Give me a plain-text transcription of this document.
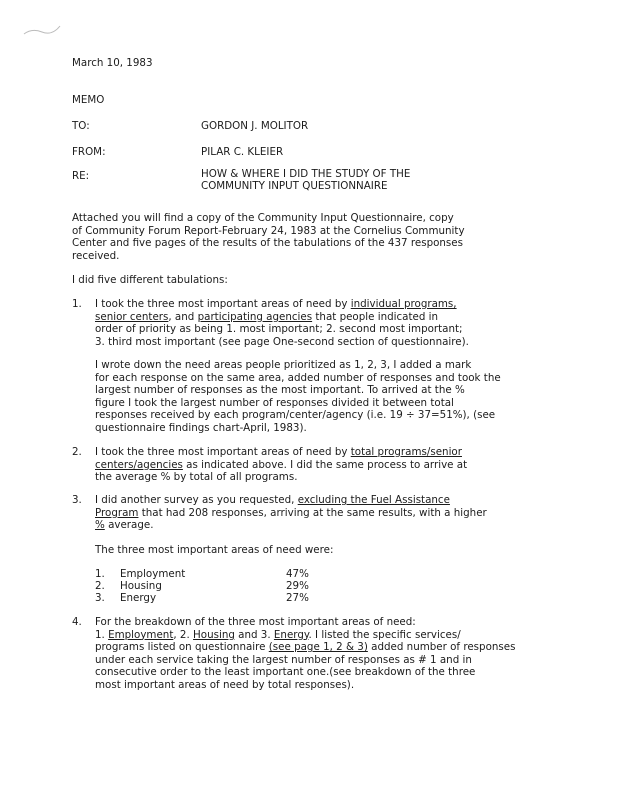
March 10, 1983
MEMO
TO:	GORDON J. MOLITOR
FROM:	PILAR C. KLEIER
RE:	HOW & WHERE I DID THE STUDY OF THE
COMMUNITY INPUT QUESTIONNAIRE
Attached you will find a copy of the Community Input Questionnaire, copy
of Community Forum Report-February 24, 1983 at the Cornelius Community
Center and five pages of the results of the tabulations of the 437 responses
received.
I did five different tabulations:
1. I took the three most important areas of need by individual programs,
senior centers, and participating agencies that people indicated in
order of priority as being 1. most important; 2. second most important;
3. third most important (see page One-second section of questionnaire).
I wrote down the need areas people prioritized as 1, 2, 3, I added a mark
for each response on the same area, added number of responses and took the
largest number of responses as the most important. To arrived at the %
figure I took the largest number of responses divided it between total
responses received by each program/center/agency (i.e. 19 ÷ 37=51%), (see
questionnaire findings chart-April, 1983).
2. I took the three most important areas of need by total programs/senior
centers/agencies as indicated above. I did the same process to arrive at
the average % by total of all programs.
3. I did another survey as you requested, excluding the Fuel Assistance
Program that had 208 responses, arriving at the same results, with a higher
% average.
The three most important areas of need were:
1. Employment	47%
2. Housing	29%
3. Energy	27%
4. For the breakdown of the three most important areas of need:
1. Employment, 2. Housing and 3. Energy. I listed the specific services/
programs listed on questionnaire (see page 1, 2 & 3) added number of responses
under each service taking the largest number of responses as # 1 and in
consecutive order to the least important one.(see breakdown of the three
most important areas of need by total responses).
